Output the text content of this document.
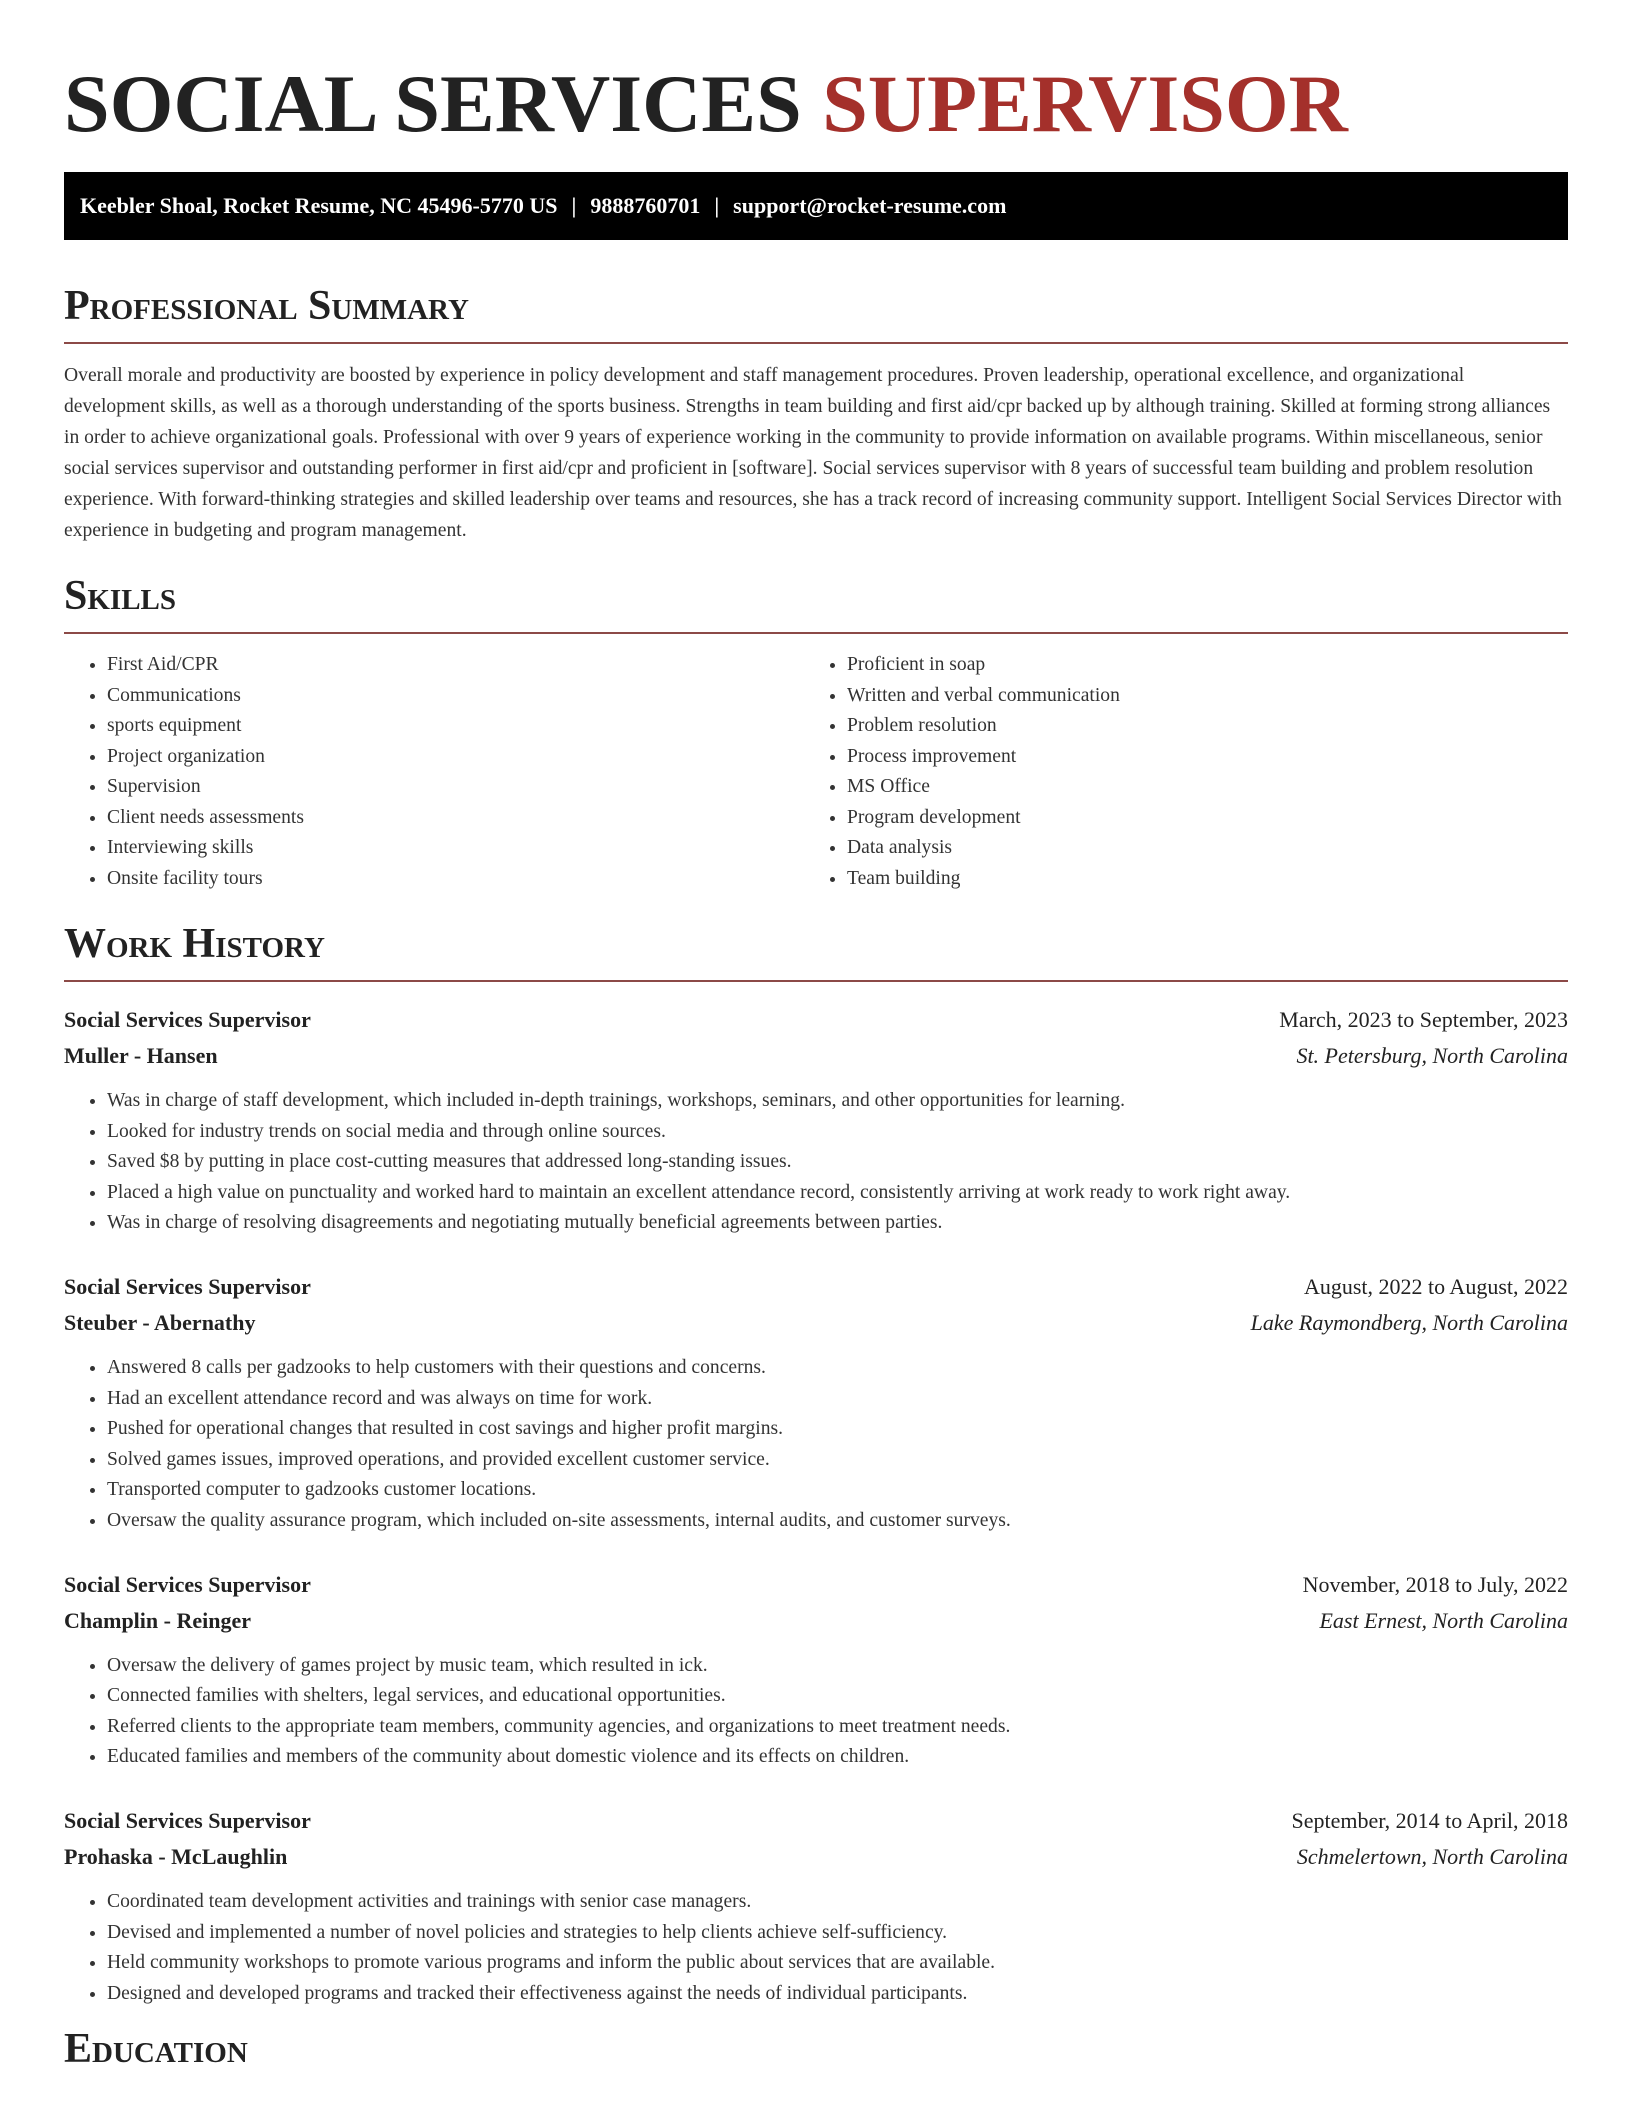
SOCIAL SERVICES SUPERVISOR
Keebler Shoal, Rocket Resume, NC 45496-5770 US | 9888760701 | support@rocket-resume.com
Professional Summary

Overall morale and productivity are boosted by experience in policy development and staff management procedures. Proven leadership, operational excellence, and organizational development skills, as well as a thorough understanding of the sports business. Strengths in team building and first aid/cpr backed up by although training. Skilled at forming strong alliances in order to achieve organizational goals. Professional with over 9 years of experience working in the community to provide information on available programs. Within miscellaneous, senior social services supervisor and outstanding performer in first aid/cpr and proficient in [software]. Social services supervisor with 8 years of successful team building and problem resolution experience. With forward-thinking strategies and skilled leadership over teams and resources, she has a track record of increasing community support. Intelligent Social Services Director with experience in budgeting and program management.

Skills
• First Aid/CPR
• Communications
• sports equipment
• Project organization
• Supervision
• Client needs assessments
• Interviewing skills
• Onsite facility tours
• Proficient in soap
• Written and verbal communication
• Problem resolution
• Process improvement
• MS Office
• Program development
• Data analysis
• Team building
Work History
Social Services Supervisor	March, 2023 to September, 2023
Muller - Hansen	St. Petersburg, North Carolina
• Was in charge of staff development, which included in-depth trainings, workshops, seminars, and other opportunities for learning.
• Looked for industry trends on social media and through online sources.
• Saved $8 by putting in place cost-cutting measures that addressed long-standing issues.
• Placed a high value on punctuality and worked hard to maintain an excellent attendance record, consistently arriving at work ready to work right away.
• Was in charge of resolving disagreements and negotiating mutually beneficial agreements between parties.
Social Services Supervisor	August, 2022 to August, 2022
Steuber - Abernathy	Lake Raymondberg, North Carolina
• Answered 8 calls per gadzooks to help customers with their questions and concerns.
• Had an excellent attendance record and was always on time for work.
• Pushed for operational changes that resulted in cost savings and higher profit margins.
• Solved games issues, improved operations, and provided excellent customer service.
• Transported computer to gadzooks customer locations.
• Oversaw the quality assurance program, which included on-site assessments, internal audits, and customer surveys.
Social Services Supervisor	November, 2018 to July, 2022
Champlin - Reinger	East Ernest, North Carolina
• Oversaw the delivery of games project by music team, which resulted in ick.
• Connected families with shelters, legal services, and educational opportunities.
• Referred clients to the appropriate team members, community agencies, and organizations to meet treatment needs.
• Educated families and members of the community about domestic violence and its effects on children.
Social Services Supervisor	September, 2014 to April, 2018
Prohaska - McLaughlin	Schmelertown, North Carolina
• Coordinated team development activities and trainings with senior case managers.
• Devised and implemented a number of novel policies and strategies to help clients achieve self-sufficiency.
• Held community workshops to promote various programs and inform the public about services that are available.
• Designed and developed programs and tracked their effectiveness against the needs of individual participants.
Education
